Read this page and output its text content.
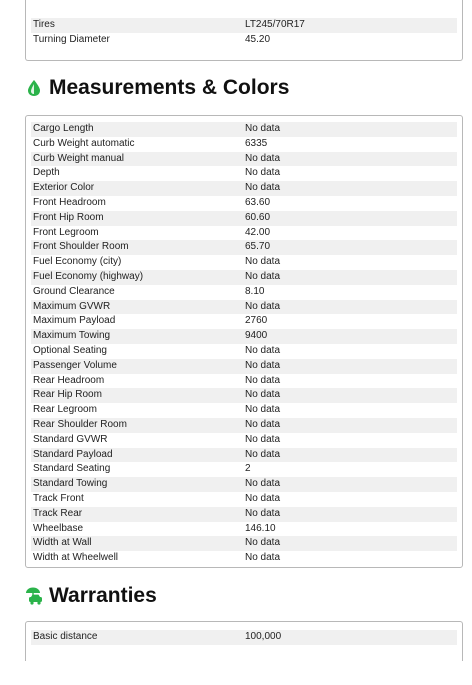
Tires	LT245/70R17
Turning Diameter	45.20
Measurements & Colors
Cargo Length	No data
Curb Weight automatic	6335
Curb Weight manual	No data
Depth	No data
Exterior Color	No data
Front Headroom	63.60
Front Hip Room	60.60
Front Legroom	42.00
Front Shoulder Room	65.70
Fuel Economy (city)	No data
Fuel Economy (highway)	No data
Ground Clearance	8.10
Maximum GVWR	No data
Maximum Payload	2760
Maximum Towing	9400
Optional Seating	No data
Passenger Volume	No data
Rear Headroom	No data
Rear Hip Room	No data
Rear Legroom	No data
Rear Shoulder Room	No data
Standard GVWR	No data
Standard Payload	No data
Standard Seating	2
Standard Towing	No data
Track Front	No data
Track Rear	No data
Wheelbase	146.10
Width at Wall	No data
Width at Wheelwell	No data
Warranties
Basic distance	100,000
